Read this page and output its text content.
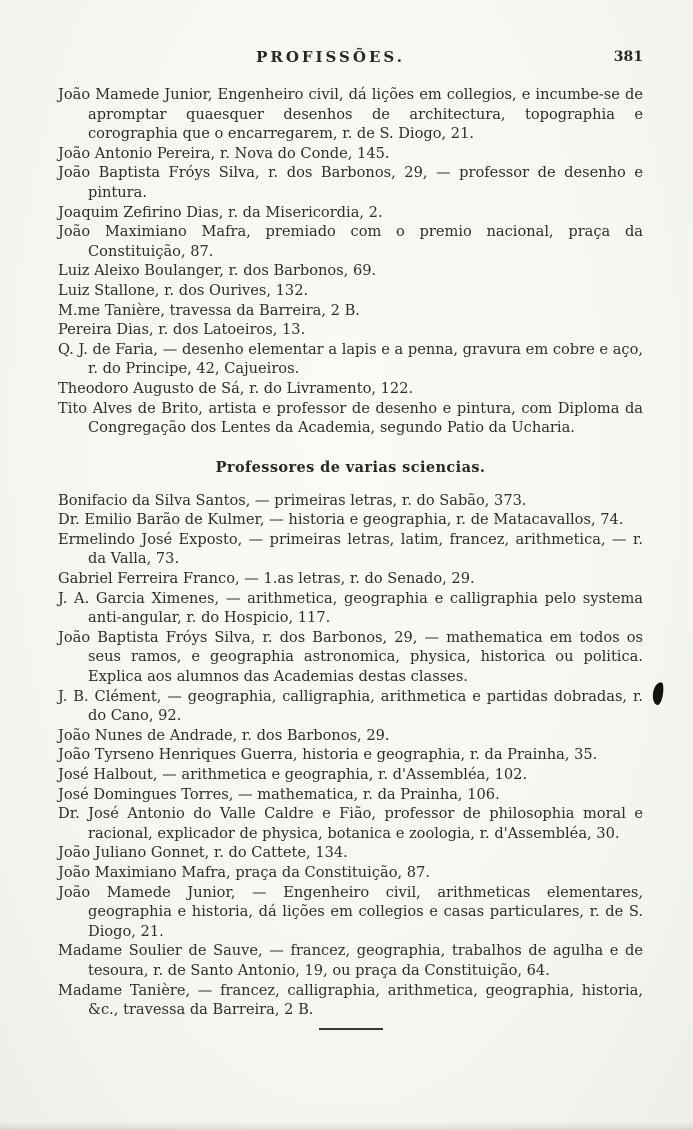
PROFISSÕES.	381

João Mamede Junior, Engenheiro civil, dá lições em collegios, e incumbe-se de apromptar quaesquer desenhos de architectura, topographia e corographia que o encarregarem, r. de S. Diogo, 21.

João Antonio Pereira, r. Nova do Conde, 145.

João Baptista Fróys Silva, r. dos Barbonos, 29, — professor de desenho e pintura.

Joaquim Zefirino Dias, r. da Misericordia, 2.

João Maximiano Mafra, premiado com o premio nacional, praça da Constituição, 87.

Luiz Aleixo Boulanger, r. dos Barbonos, 69.

Luiz Stallone, r. dos Ourives, 132.

M.me Tanière, travessa da Barreira, 2 B.

Pereira Dias, r. dos Latoeiros, 13.

Q. J. de Faria, — desenho elementar a lapis e a penna, gravura em cobre e aço, r. do Principe, 42, Cajueiros.

Theodoro Augusto de Sá, r. do Livramento, 122.

Tito Alves de Brito, artista e professor de desenho e pintura, com Diploma da Congregação dos Lentes da Academia, segundo Patio da Ucharia.

Professores de varias sciencias.

Bonifacio da Silva Santos, — primeiras letras, r. do Sabão, 373.

Dr. Emilio Barão de Kulmer, — historia e geographia, r. de Matacavallos, 74.

Ermelindo José Exposto, — primeiras letras, latim, francez, arithmetica, — r. da Valla, 73.

Gabriel Ferreira Franco, — 1.as letras, r. do Senado, 29.

J. A. Garcia Ximenes, — arithmetica, geographia e calligraphia pelo systema anti-angular, r. do Hospicio, 117.

João Baptista Fróys Silva, r. dos Barbonos, 29, — mathematica em todos os seus ramos, e geographia astronomica, physica, historica ou politica. Explica aos alumnos das Academias destas classes.

J. B. Clément, — geographia, calligraphia, arithmetica e partidas dobradas, r. do Cano, 92.

João Nunes de Andrade, r. dos Barbonos, 29.

João Tyrseno Henriques Guerra, historia e geographia, r. da Prainha, 35.

José Halbout, — arithmetica e geographia, r. d'Assembléa, 102.

José Domingues Torres, — mathematica, r. da Prainha, 106.

Dr. José Antonio do Valle Caldre e Fião, professor de philosophia moral e racional, explicador de physica, botanica e zoologia, r. d'Assembléa, 30.

João Juliano Gonnet, r. do Cattete, 134.

João Maximiano Mafra, praça da Constituição, 87.

João Mamede Junior, — Engenheiro civil, arithmeticas elementares, geographia e historia, dá lições em collegios e casas particulares, r. de S. Diogo, 21.

Madame Soulier de Sauve, — francez, geographia, trabalhos de agulha e de tesoura, r. de Santo Antonio, 19, ou praça da Constituição, 64.

Madame Tanière, — francez, calligraphia, arithmetica, geographia, historia, &c., travessa da Barreira, 2 B.
